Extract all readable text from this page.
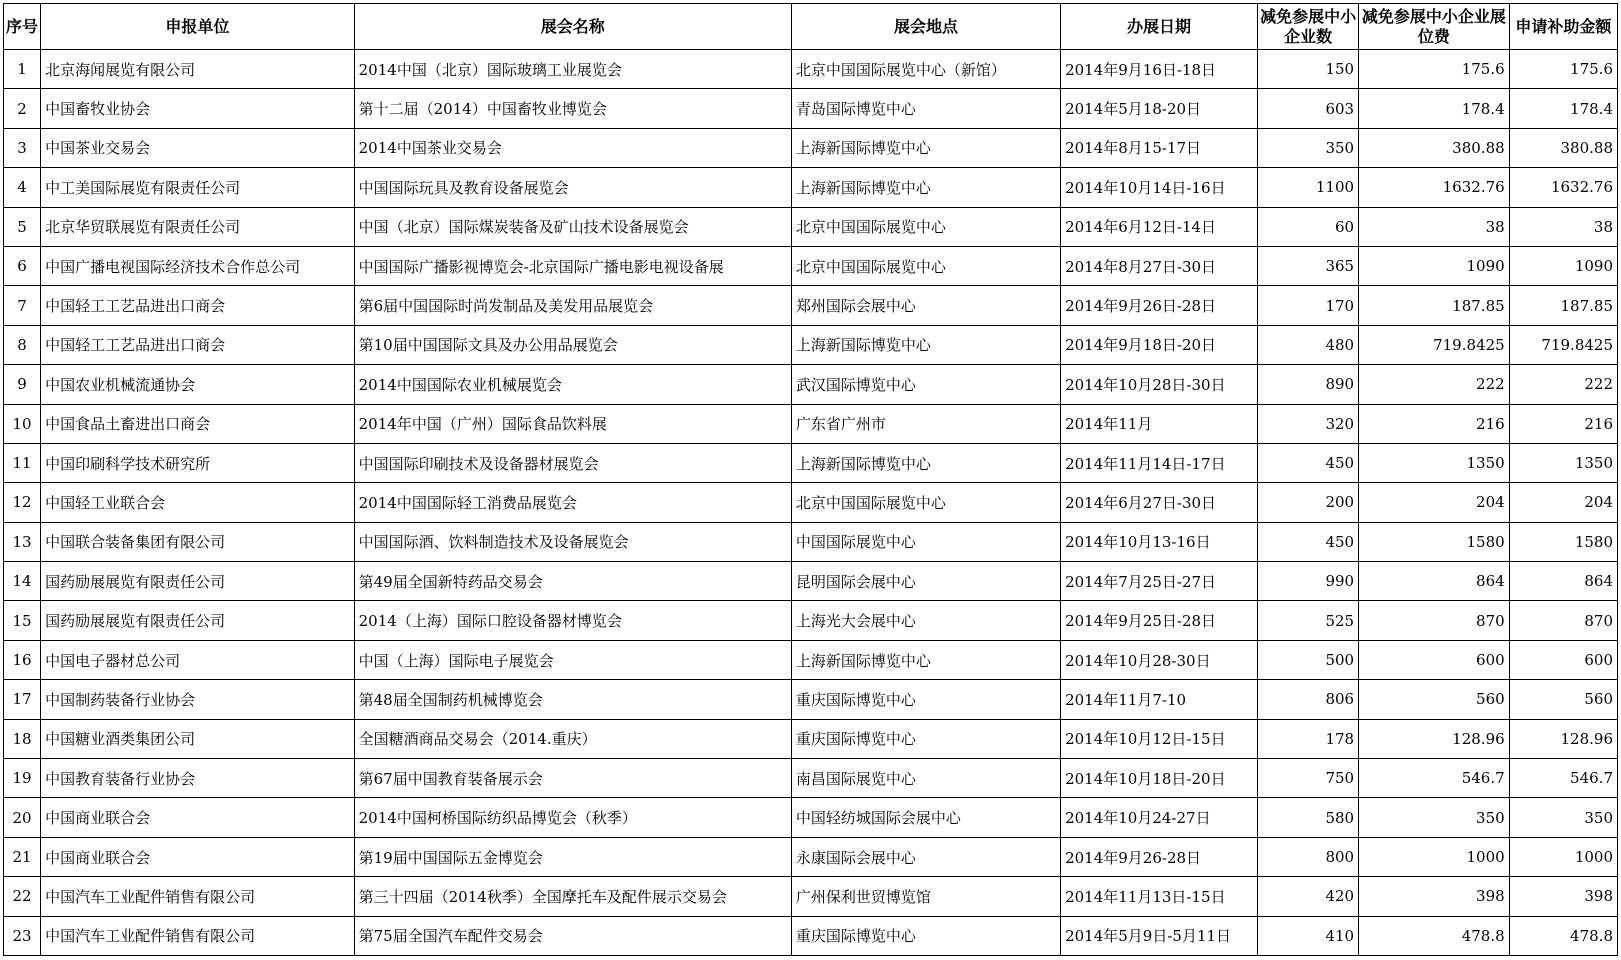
序号	申报单位	展会名称	展会地点	办展日期	减免参展中小企业数	减免参展中小企业展位费	申请补助金额
1	北京海闻展览有限公司	2014中国（北京）国际玻璃工业展览会	北京中国国际展览中心（新馆）	2014年9月16日-18日	150	175.6	175.6
2	中国畜牧业协会	第十二届（2014）中国畜牧业博览会	青岛国际博览中心	2014年5月18-20日	603	178.4	178.4
3	中国茶业交易会	2014中国茶业交易会	上海新国际博览中心	2014年8月15-17日	350	380.88	380.88
4	中工美国际展览有限责任公司	中国国际玩具及教育设备展览会	上海新国际博览中心	2014年10月14日-16日	1100	1632.76	1632.76
5	北京华贸联展览有限责任公司	中国（北京）国际煤炭装备及矿山技术设备展览会	北京中国国际展览中心	2014年6月12日-14日	60	38	38
6	中国广播电视国际经济技术合作总公司	中国国际广播影视博览会-北京国际广播电影电视设备展	北京中国国际展览中心	2014年8月27日-30日	365	1090	1090
7	中国轻工工艺品进出口商会	第6届中国国际时尚发制品及美发用品展览会	郑州国际会展中心	2014年9月26日-28日	170	187.85	187.85
8	中国轻工工艺品进出口商会	第10届中国国际文具及办公用品展览会	上海新国际博览中心	2014年9月18日-20日	480	719.8425	719.8425
9	中国农业机械流通协会	2014中国国际农业机械展览会	武汉国际博览中心	2014年10月28日-30日	890	222	222
10	中国食品土畜进出口商会	2014年中国（广州）国际食品饮料展	广东省广州市	2014年11月	320	216	216
11	中国印刷科学技术研究所	中国国际印刷技术及设备器材展览会	上海新国际博览中心	2014年11月14日-17日	450	1350	1350
12	中国轻工业联合会	2014中国国际轻工消费品展览会	北京中国国际展览中心	2014年6月27日-30日	200	204	204
13	中国联合装备集团有限公司	中国国际酒、饮料制造技术及设备展览会	中国国际展览中心	2014年10月13-16日	450	1580	1580
14	国药励展展览有限责任公司	第49届全国新特药品交易会	昆明国际会展中心	2014年7月25日-27日	990	864	864
15	国药励展展览有限责任公司	2014（上海）国际口腔设备器材博览会	上海光大会展中心	2014年9月25日-28日	525	870	870
16	中国电子器材总公司	中国（上海）国际电子展览会	上海新国际博览中心	2014年10月28-30日	500	600	600
17	中国制药装备行业协会	第48届全国制药机械博览会	重庆国际博览中心	2014年11月7-10	806	560	560
18	中国糖业酒类集团公司	全国糖酒商品交易会（2014.重庆）	重庆国际博览中心	2014年10月12日-15日	178	128.96	128.96
19	中国教育装备行业协会	第67届中国教育装备展示会	南昌国际展览中心	2014年10月18日-20日	750	546.7	546.7
20	中国商业联合会	2014中国柯桥国际纺织品博览会（秋季）	中国轻纺城国际会展中心	2014年10月24-27日	580	350	350
21	中国商业联合会	第19届中国国际五金博览会	永康国际会展中心	2014年9月26-28日	800	1000	1000
22	中国汽车工业配件销售有限公司	第三十四届（2014秋季）全国摩托车及配件展示交易会	广州保利世贸博览馆	2014年11月13日-15日	420	398	398
23	中国汽车工业配件销售有限公司	第75届全国汽车配件交易会	重庆国际博览中心	2014年5月9日-5月11日	410	478.8	478.8
